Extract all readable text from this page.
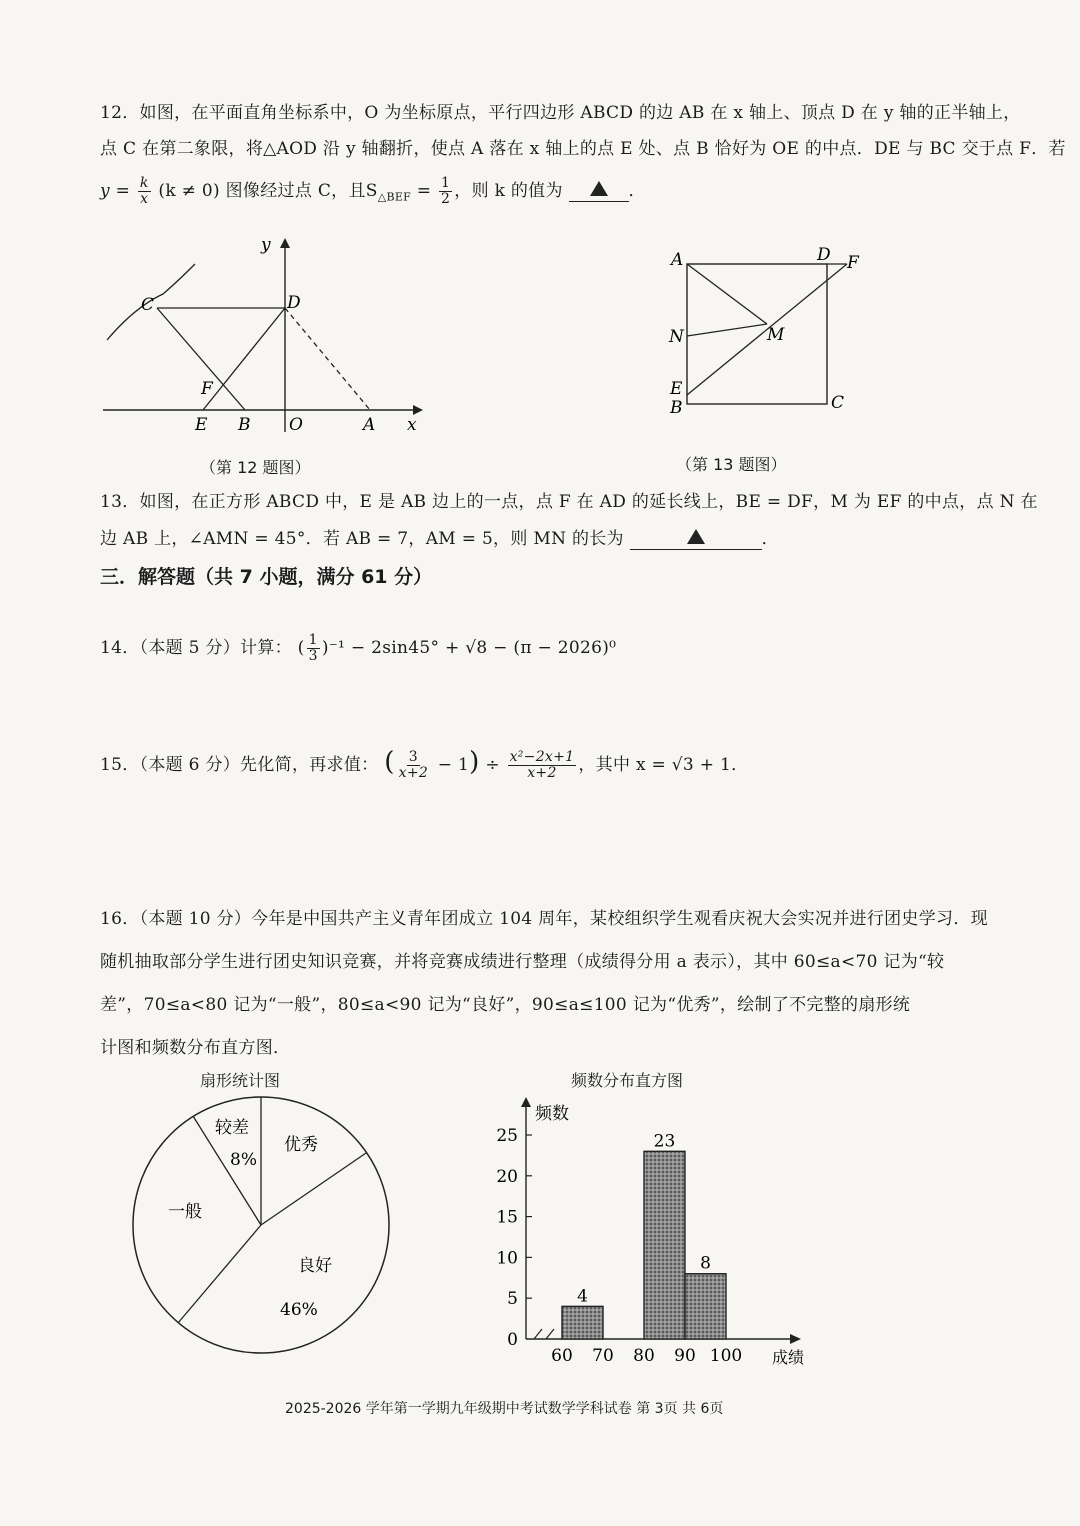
12．如图，在平面直角坐标系中，O 为坐标原点，平行四边形 ABCD 的边 AB 在 x 轴上、顶点 D 在 y 轴的正半轴上，
点 C 在第二象限，将△AOD 沿 y 轴翻折，使点 A 落在 x 轴上的点 E 处、点 B 恰好为 OE 的中点．DE 与 BC 交于点 F．若
$y = \frac{k}{x} (k \ne 0)$ 图像经过点 C，且$S_{\triangle BEF} = \frac{1}{2}$ ，则 k 的值为	．
y
x
C	D
F
E B O	A
（第 12 题图）
A	D F
N	M
E
B	C
（第 13 题图）
13．如图，在正方形 ABCD 中，E 是 AB 边上的一点，点 F 在 AD 的延长线上，BE = DF，M 为 EF 的中点，点 N 在
边 AB 上，∠AMN = 45°．若 AB = 7，AM = 5，则 MN 的长为	．
三．解答题（共 7 小题，满分 61 分）
14．（本题 5 分）计算： ( $\frac{1}{3} )^{-1} - 2\sin 45^\circ + √8 - (\pi - 2026)^0$
15．（本题 6 分）先化简，再求值： ( $\frac{3}{x+2} - 1) \div \frac{\text{x²−2x+1}}{x+2}$ ，其中 x = √3 + 1．
16．（本题 10 分）今年是中国共产主义青年团成立 104 周年，某校组织学生观看庆祝大会实况并进行团史学习．现
随机抽取部分学生进行团史知识竞赛，并将竞赛成绩进行整理（成绩得分用 a 表示），其中 60≤a<70 记为“较
差”，70≤a<80 记为“一般”，80≤a<90 记为“良好”，90≤a≤100 记为“优秀”，绘制了不完整的扇形统
计图和频数分布直方图．
扇形统计图
较差
8%
优秀
良好
46%
一般
频数分布直方图
频数
成绩
0
5
10
15
20
25
60 70 80 90 100
4
23
8
2025-2026 学年第一学期九年级期中考试数学学科试卷 第 3页 共 6页
